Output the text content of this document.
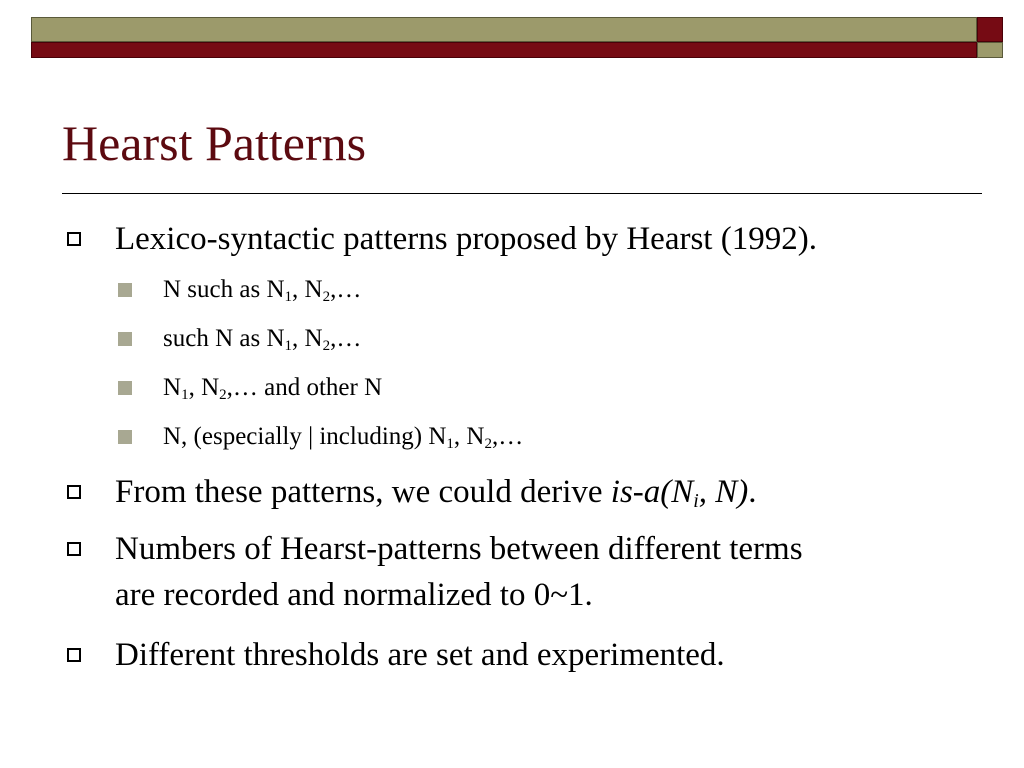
Hearst Patterns
Lexico-syntactic patterns proposed by Hearst (1992).
N such as $N_1$, $N_2,\dots$
such N as $N_1$, $N_2,\dots$
$N_1$, $N_2,\dots$ and other N
N, (especially | including) $N_1$, $N_2,\dots$
From these patterns, we could derive $is-a(N_i$, N).
Numbers of Hearst-patterns between different terms
are recorded and normalized to 0~1.
Different thresholds are set and experimented.
